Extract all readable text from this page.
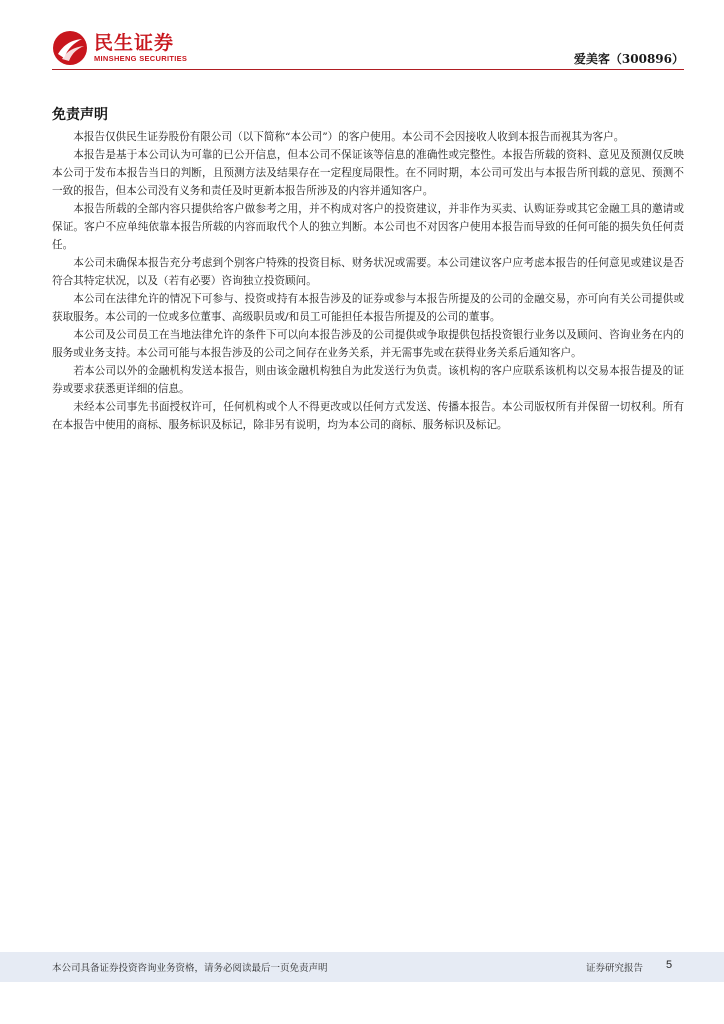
民生证券
MINSHENG SECURITIES	爱美客（300896）
免责声明

本报告仅供民生证券股份有限公司（以下简称“本公司”）的客户使用。本公司不会因接收人收到本报告而视其为客户。

本报告是基于本公司认为可靠的已公开信息，但本公司不保证该等信息的准确性或完整性。本报告所载的资料、意见及预测仅反映本公司于发布本报告当日的判断，且预测方法及结果存在一定程度局限性。在不同时期，本公司可发出与本报告所刊载的意见、预测不一致的报告，但本公司没有义务和责任及时更新本报告所涉及的内容并通知客户。

本报告所载的全部内容只提供给客户做参考之用，并不构成对客户的投资建议，并非作为买卖、认购证券或其它金融工具的邀请或保证。客户不应单纯依靠本报告所载的内容而取代个人的独立判断。本公司也不对因客户使用本报告而导致的任何可能的损失负任何责任。

本公司未确保本报告充分考虑到个别客户特殊的投资目标、财务状况或需要。本公司建议客户应考虑本报告的任何意见或建议是否符合其特定状况，以及（若有必要）咨询独立投资顾问。

本公司在法律允许的情况下可参与、投资或持有本报告涉及的证券或参与本报告所提及的公司的金融交易，亦可向有关公司提供或获取服务。本公司的一位或多位董事、高级职员或/和员工可能担任本报告所提及的公司的董事。

本公司及公司员工在当地法律允许的条件下可以向本报告涉及的公司提供或争取提供包括投资银行业务以及顾问、咨询业务在内的服务或业务支持。本公司可能与本报告涉及的公司之间存在业务关系，并无需事先或在获得业务关系后通知客户。

若本公司以外的金融机构发送本报告，则由该金融机构独自为此发送行为负责。该机构的客户应联系该机构以交易本报告提及的证券或要求获悉更详细的信息。

未经本公司事先书面授权许可，任何机构或个人不得更改或以任何方式发送、传播本报告。本公司版权所有并保留一切权利。所有在本报告中使用的商标、服务标识及标记，除非另有说明，均为本公司的商标、服务标识及标记。

本公司具备证券投资咨询业务资格，请务必阅读最后一页免责声明	证券研究报告 5
